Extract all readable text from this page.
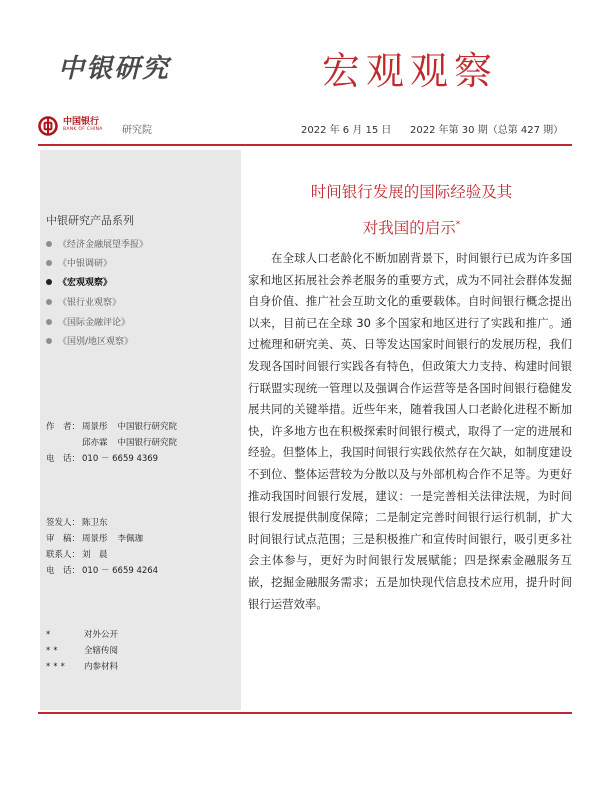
中银研究	宏观观察
中国银行
BANK OF CHINA 研究院	2022 年 6 月 15 日 2022 年第 30 期（总第 427 期）
中银研究产品系列
《经济金融展望季报》
《中银调研》
《宏观观察》
《银行业观察》
《国际金融评论》
《国别/地区观察》
作　者： 周景彤 中国银行研究院
邱亦霖 中国银行研究院
电　话： 010 － 6659 4369
签发人： 陈卫东
审　稿： 周景彤 李佩珈
联系人： 刘　晨
电　话： 010 － 6659 4264
*	对外公开
**	全辖传阅
*** 内参材料
时间银行发展的国际经验及其
对我国的启示*

在全球人口老龄化不断加剧背景下，时间银行已成为许多国家和地区拓展社会养老服务的重要方式，成为不同社会群体发掘自身价值、推广社会互助文化的重要载体。自时间银行概念提出以来，目前已在全球 30 多个国家和地区进行了实践和推广。通过梳理和研究美、英、日等发达国家时间银行的发展历程，我们发现各国时间银行实践各有特色，但政策大力支持、构建时间银行联盟实现统一管理以及强调合作运营等是各国时间银行稳健发展共同的关键举措。近些年来，随着我国人口老龄化进程不断加快，许多地方也在积极探索时间银行模式，取得了一定的进展和经验。但整体上，我国时间银行实践依然存在欠缺，如制度建设不到位、整体运营较为分散以及与外部机构合作不足等。为更好推动我国时间银行发展，建议：一是完善相关法律法规，为时间银行发展提供制度保障；二是制定完善时间银行运行机制，扩大时间银行试点范围；三是积极推广和宣传时间银行，吸引更多社会主体参与，更好为时间银行发展赋能；四是探索金融服务互嵌，挖掘金融服务需求；五是加快现代信息技术应用，提升时间银行运营效率。
